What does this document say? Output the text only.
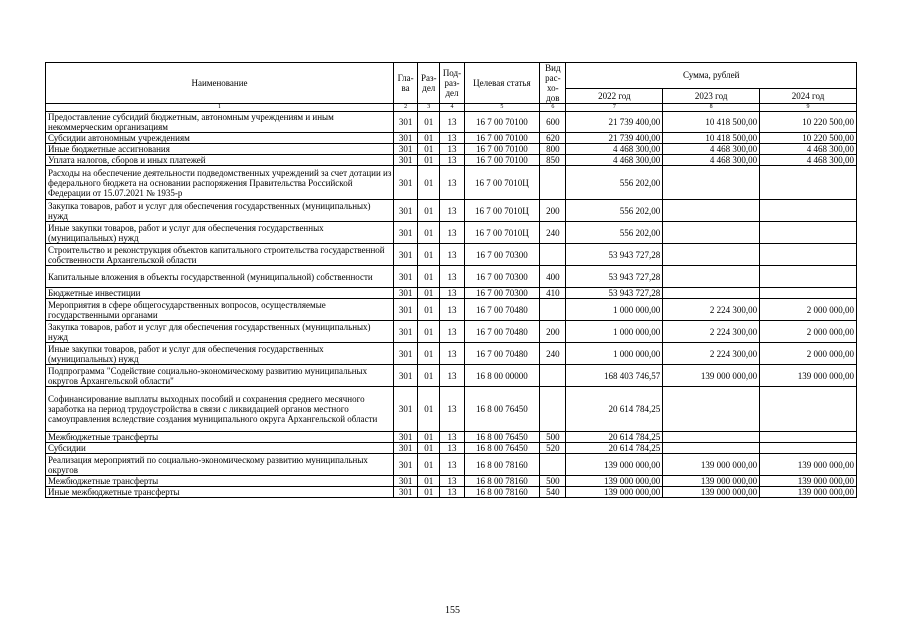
Наименование	Гла-ва	Раз-дел	Под-раз-дел	Целевая статья	Вид рас-хо-дов	Сумма, рублей		
						2022 год	2023 год	2024 год
1	2	3	4	5	6	7	8	9
Предоставление субсидий бюджетным, автономным учреждениям и иным некоммерческим организациям	301	01	13	16 7 00 70100	600	21 739 400,00	10 418 500,00	10 220 500,00
Субсидии автономным учреждениям	301	01	13	16 7 00 70100	620	21 739 400,00	10 418 500,00	10 220 500,00
Иные бюджетные ассигнования	301	01	13	16 7 00 70100	800	4 468 300,00	4 468 300,00	4 468 300,00
Уплата налогов, сборов и иных платежей	301	01	13	16 7 00 70100	850	4 468 300,00	4 468 300,00	4 468 300,00
Расходы на обеспечение деятельности подведомственных учреждений за счет дотации из федерального бюджета на основании распоряжения Правительства Российской Федерации от 15.07.2021 № 1935-р	301	01	13	16 7 00 7010Ц		556 202,00		
Закупка товаров, работ и услуг для обеспечения государственных (муниципальных) нужд	301	01	13	16 7 00 7010Ц	200	556 202,00		
Иные закупки товаров, работ и услуг для обеспечения государственных (муниципальных) нужд	301	01	13	16 7 00 7010Ц	240	556 202,00		
Строительство и реконструкция объектов капитального строительства государственной собственности Архангельской области	301	01	13	16 7 00 70300		53 943 727,28		
Капитальные вложения в объекты государственной (муниципальной) собственности	301	01	13	16 7 00 70300	400	53 943 727,28		
Бюджетные инвестиции	301	01	13	16 7 00 70300	410	53 943 727,28		
Мероприятия в сфере общегосударственных вопросов, осуществляемые государственными органами	301	01	13	16 7 00 70480		1 000 000,00	2 224 300,00	2 000 000,00
Закупка товаров, работ и услуг для обеспечения государственных (муниципальных) нужд	301	01	13	16 7 00 70480	200	1 000 000,00	2 224 300,00	2 000 000,00
Иные закупки товаров, работ и услуг для обеспечения государственных (муниципальных) нужд	301	01	13	16 7 00 70480	240	1 000 000,00	2 224 300,00	2 000 000,00
Подпрограмма "Содействие социально-экономическому развитию муниципальных округов Архангельской области"	301	01	13	16 8 00 00000		168 403 746,57	139 000 000,00	139 000 000,00
Софинансирование выплаты выходных пособий и сохранения среднего месячного заработка на период трудоустройства в связи с ликвидацией органов местного самоуправления вследствие создания муниципального округа Архангельской области	301	01	13	16 8 00 76450		20 614 784,25		
Межбюджетные трансферты	301	01	13	16 8 00 76450	500	20 614 784,25		
Субсидии	301	01	13	16 8 00 76450	520	20 614 784,25		
Реализация мероприятий по социально-экономическому развитию муниципальных округов	301	01	13	16 8 00 78160		139 000 000,00	139 000 000,00	139 000 000,00
Межбюджетные трансферты	301	01	13	16 8 00 78160	500	139 000 000,00	139 000 000,00	139 000 000,00
Иные межбюджетные трансферты	301	01	13	16 8 00 78160	540	139 000 000,00	139 000 000,00	139 000 000,00
155
